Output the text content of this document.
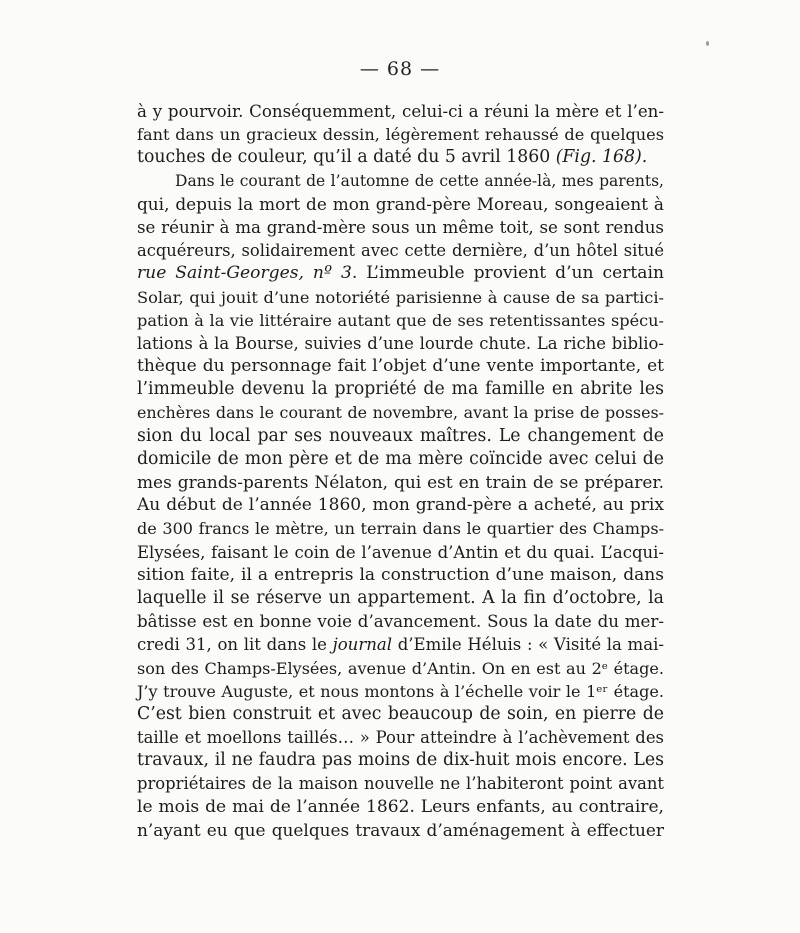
— 68 —
à y pourvoir. Conséquemment, celui-ci a réuni la mère et l’en-
fant dans un gracieux dessin, légèrement rehaussé de quelques
touches de couleur, qu’il a daté du 5 avril 1860 (Fig. 168).
Dans le courant de l’automne de cette année-là, mes parents,
qui, depuis la mort de mon grand-père Moreau, songeaient à
se réunir à ma grand-mère sous un même toit, se sont rendus
acquéreurs, solidairement avec cette dernière, d’un hôtel situé
rue Saint-Georges, nº 3. L’immeuble provient d’un certain
Solar, qui jouit d’une notoriété parisienne à cause de sa partici-
pation à la vie littéraire autant que de ses retentissantes spécu-
lations à la Bourse, suivies d’une lourde chute. La riche biblio-
thèque du personnage fait l’objet d’une vente importante, et
l’immeuble devenu la propriété de ma famille en abrite les
enchères dans le courant de novembre, avant la prise de posses-
sion du local par ses nouveaux maîtres. Le changement de
domicile de mon père et de ma mère coïncide avec celui de
mes grands-parents Nélaton, qui est en train de se préparer.
Au début de l’année 1860, mon grand-père a acheté, au prix
de 300 francs le mètre, un terrain dans le quartier des Champs-
Elysées, faisant le coin de l’avenue d’Antin et du quai. L’acqui-
sition faite, il a entrepris la construction d’une maison, dans
laquelle il se réserve un appartement. A la fin d’octobre, la
bâtisse est en bonne voie d’avancement. Sous la date du mer-
credi 31, on lit dans le journal d’Emile Héluis : « Visité la mai-
son des Champs-Elysées, avenue d’Antin. On en est au 2ᵉ étage.
J’y trouve Auguste, et nous montons à l’échelle voir le 1ᵉʳ étage.
C’est bien construit et avec beaucoup de soin, en pierre de
taille et moellons taillés… » Pour atteindre à l’achèvement des
travaux, il ne faudra pas moins de dix-huit mois encore. Les
propriétaires de la maison nouvelle ne l’habiteront point avant
le mois de mai de l’année 1862. Leurs enfants, au contraire,
n’ayant eu que quelques travaux d’aménagement à effectuer
